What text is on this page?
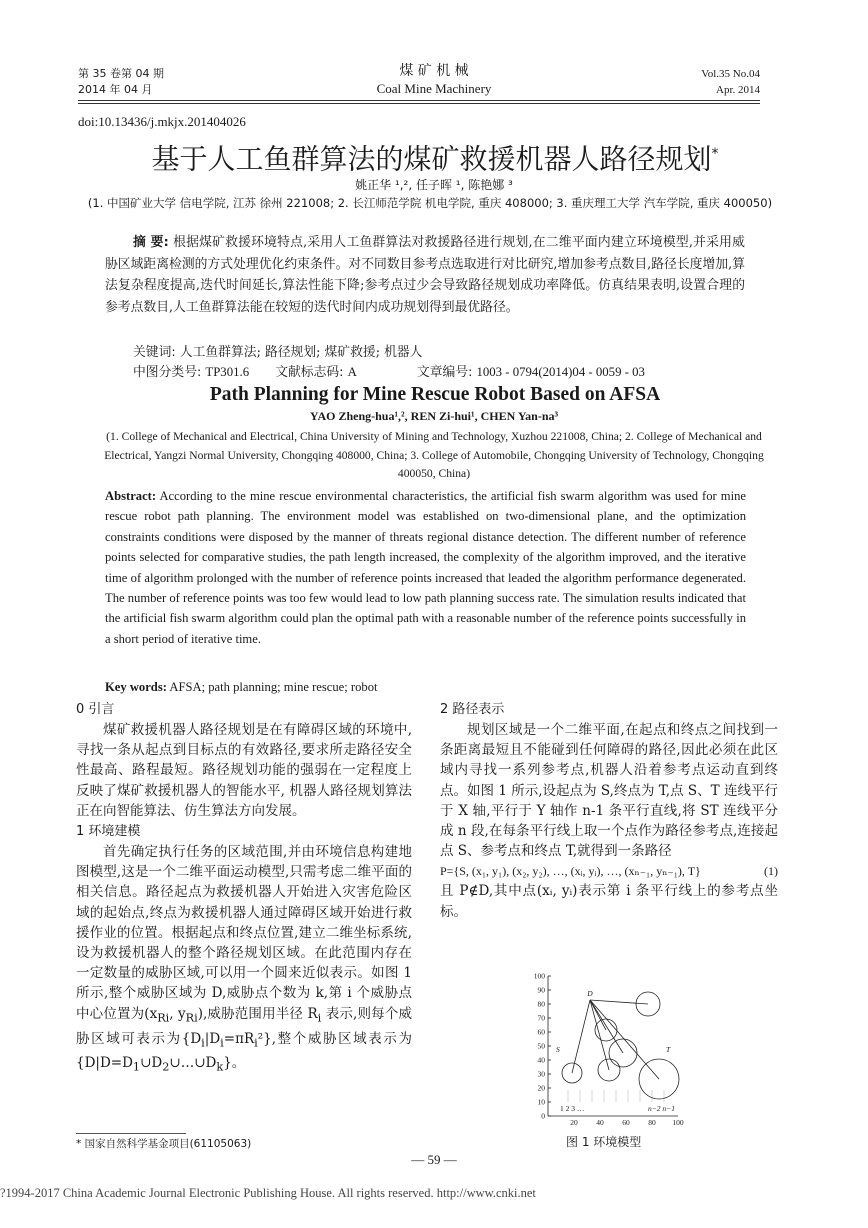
第 35 卷第 04 期
2014 年 04 月
煤 矿 机 械
Coal Mine Machinery
Vol.35 No.04
Apr. 2014
doi:10.13436/j.mkjx.201404026
基于人工鱼群算法的煤矿救援机器人路径规划*
姚正华 ¹,², 任子晖 ¹, 陈艳娜 ³
(1. 中国矿业大学 信电学院, 江苏 徐州 221008; 2. 长江师范学院 机电学院, 重庆 408000; 3. 重庆理工大学 汽车学院, 重庆 400050)
摘 要: 根据煤矿救援环境特点,采用人工鱼群算法对救援路径进行规划,在二维平面内建立环境模型,并采用威胁区域距离检测的方式处理优化约束条件。对不同数目参考点选取进行对比研究,增加参考点数目,路径长度增加,算法复杂程度提高,迭代时间延长,算法性能下降;参考点过少会导致路径规划成功率降低。仿真结果表明,设置合理的参考点数目,人工鱼群算法能在较短的迭代时间内成功规划得到最优路径。
关键词: 人工鱼群算法; 路径规划; 煤矿救援; 机器人
中图分类号: TP301.6 文献标志码: A	文章编号: 1003 - 0794(2014)04 - 0059 - 03
Path Planning for Mine Rescue Robot Based on AFSA
YAO Zheng-hua¹,², REN Zi-hui¹, CHEN Yan-na³
(1. College of Mechanical and Electrical, China University of Mining and Technology, Xuzhou 221008, China; 2. College of Mechanical and Electrical, Yangzi Normal University, Chongqing 408000, China; 3. College of Automobile, Chongqing University of Technology, Chongqing 400050, China)
Abstract: According to the mine rescue environmental characteristics, the artificial fish swarm algorithm was used for mine rescue robot path planning. The environment model was established on two-dimensional plane, and the optimization constraints conditions were disposed by the manner of threats regional distance detection. The different number of reference points selected for comparative studies, the path length increased, the complexity of the algorithm improved, and the iterative time of algorithm prolonged with the number of reference points increased that leaded the algorithm performance degenerated. The number of reference points was too few would lead to low path planning success rate. The simulation results indicated that the artificial fish swarm algorithm could plan the optimal path with a reasonable number of the reference points successfully in a short period of iterative time.
Key words: AFSA; path planning; mine rescue; robot
0 引言
煤矿救援机器人路径规划是在有障碍区域的环境中, 寻找一条从起点到目标点的有效路径,要求所走路径安全性最高、路程最短。路径规划功能的强弱在一定程度上反映了煤矿救援机器人的智能水平, 机器人路径规划算法正在向智能算法、仿生算法方向发展。
1 环境建模
首先确定执行任务的区域范围,并由环境信息构建地图模型,这是一个二维平面运动模型,只需考虑二维平面的相关信息。路径起点为救援机器人开始进入灾害危险区域的起始点,终点为救援机器人通过障碍区域开始进行救援作业的位置。根据起点和终点位置,建立二维坐标系统,设为救援机器人的整个路径规划区域。在此范围内存在一定数量的威胁区域,可以用一个圆来近似表示。如图 1 所示,整个威胁区域为 D,威胁点个数为 k,第 i 个威胁点中心位置为($x_{Ri}$, $y_{Ri}$),威胁范围用半径 $R_i$ 表示,则每个威胁区域可表示为$\{D_i|D_i=\pi R_i^2\}$,整个威胁区域表示为$\{D|D=D_1\cup D_2\cup\dots\cup D_k\}$。
* 国家自然科学基金项目(61105063)
2 路径表示
规划区域是一个二维平面,在起点和终点之间找到一条距离最短且不能碰到任何障碍的路径,因此必须在此区域内寻找一系列参考点,机器人沿着参考点运动直到终点。如图 1 所示,设起点为 S,终点为 T,点 S、T 连线平行于 X 轴,平行于 Y 轴作 n-1 条平行直线,将 ST 连线平分成 n 段,在每条平行线上取一个点作为路径参考点,连接起点 S、参考点和终点 T,就得到一条路径
P={S, (x₁, y₁), (x₂, y₂), …, (xᵢ, yᵢ), …, (xₙ₋₁, yₙ₋₁), T}	(1)
且 P∉D,其中点(xᵢ, yᵢ)表示第 i 条平行线上的参考点坐标。
D
S	T
1 2 3 …	n−2 n−1
100
90
80
70
60
50
40
30
20
10
0
20 40 60 80 100
图 1 环境模型
— 59 —
?1994-2017 China Academic Journal Electronic Publishing House. All rights reserved. http://www.cnki.net
